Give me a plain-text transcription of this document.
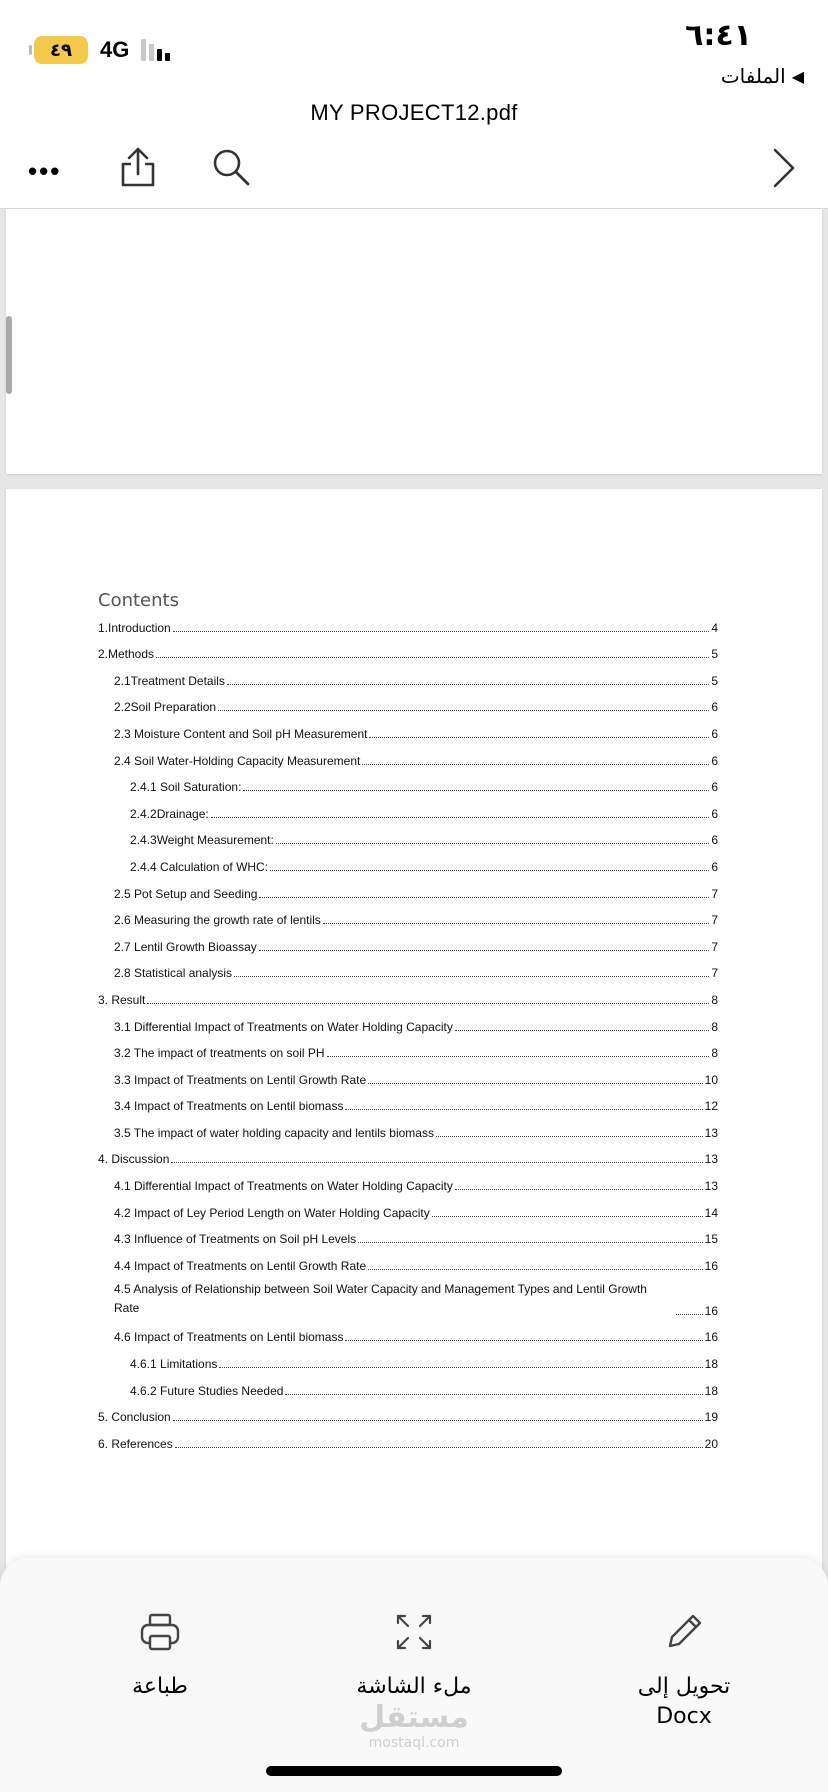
٤٩ 4G	٦:٤١
الملفات ◀
MY PROJECT12.pdf
•••
Contents
1.Introduction	4
2.Methods	5
2.1Treatment Details	5
2.2Soil Preparation	6
2.3 Moisture Content and Soil pH Measurement	6
2.4 Soil Water-Holding Capacity Measurement	6
2.4.1 Soil Saturation:	6
2.4.2Drainage:	6
2.4.3Weight Measurement:	6
2.4.4 Calculation of WHC:	6
2.5 Pot Setup and Seeding	7
2.6 Measuring the growth rate of lentils	7
2.7 Lentil Growth Bioassay	7
2.8 Statistical analysis	7
3. Result	8
3.1 Differential Impact of Treatments on Water Holding Capacity	8
3.2 The impact of treatments on soil PH	8
3.3 Impact of Treatments on Lentil Growth Rate	10
3.4 Impact of Treatments on Lentil biomass	12
3.5 The impact of water holding capacity and lentils biomass	13
4. Discussion	13
4.1 Differential Impact of Treatments on Water Holding Capacity	13
4.2 Impact of Ley Period Length on Water Holding Capacity	14
4.3 Influence of Treatments on Soil pH Levels	15
4.4 Impact of Treatments on Lentil Growth Rate	16
4.5 Analysis of Relationship between Soil Water Capacity and Management Types and Lentil Growth Rate	16
4.6 Impact of Treatments on Lentil biomass	16
4.6.1 Limitations	18
4.6.2 Future Studies Needed	18
5. Conclusion	19
6. References	20
طباعة	ملء الشاشة	تحويل إلى Docx
مستقل
mostaql.com
